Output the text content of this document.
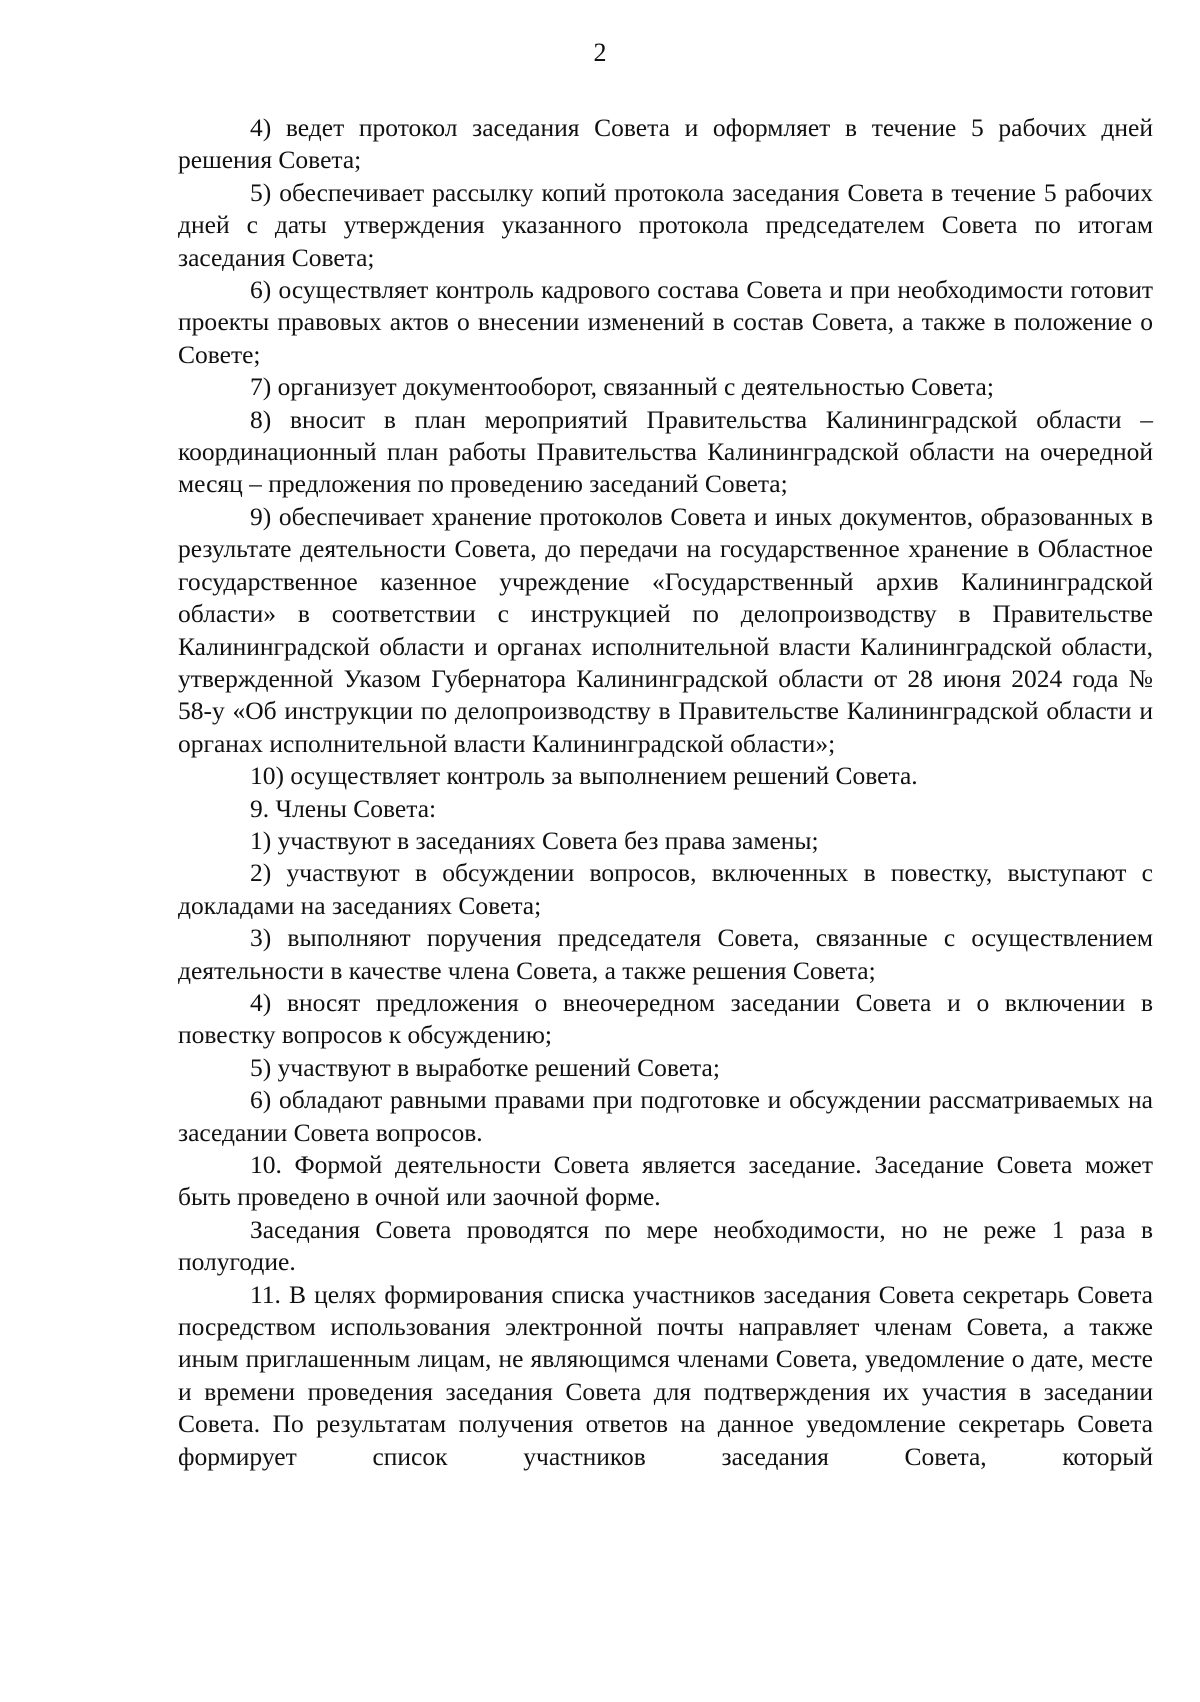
2

4) ведет протокол заседания Совета и оформляет в течение 5 рабочих дней решения Совета;

5) обеспечивает рассылку копий протокола заседания Совета в течение 5 рабочих дней с даты утверждения указанного протокола председателем Совета по итогам заседания Совета;

6) осуществляет контроль кадрового состава Совета и при необходимости готовит проекты правовых актов о внесении изменений в состав Совета, а также в положение о Совете;

7) организует документооборот, связанный с деятельностью Совета;

8) вносит в план мероприятий Правительства Калининградской области – координационный план работы Правительства Калининградской области на очередной месяц – предложения по проведению заседаний Совета;

9) обеспечивает хранение протоколов Совета и иных документов, образованных в результате деятельности Совета, до передачи на государственное хранение в Областное государственное казенное учреждение «Государственный архив Калининградской области» в соответствии с инструкцией по делопроизводству в Правительстве Калининградской области и органах исполнительной власти Калининградской области, утвержденной Указом Губернатора Калининградской области от 28 июня 2024 года № 58-у «Об инструкции по делопроизводству в Правительстве Калининградской области и органах исполнительной власти Калининградской области»;

10) осуществляет контроль за выполнением решений Совета.

9. Члены Совета:

1) участвуют в заседаниях Совета без права замены;

2) участвуют в обсуждении вопросов, включенных в повестку, выступают с докладами на заседаниях Совета;

3) выполняют поручения председателя Совета, связанные с осуществлением деятельности в качестве члена Совета, а также решения Совета;

4) вносят предложения о внеочередном заседании Совета и о включении в повестку вопросов к обсуждению;

5) участвуют в выработке решений Совета;

6) обладают равными правами при подготовке и обсуждении рассматриваемых на заседании Совета вопросов.

10. Формой деятельности Совета является заседание. Заседание Совета может быть проведено в очной или заочной форме.

Заседания Совета проводятся по мере необходимости, но не реже 1 раза в полугодие.

11. В целях формирования списка участников заседания Совета секретарь Совета посредством использования электронной почты направляет членам Совета, а также иным приглашенным лицам, не являющимся членами Совета, уведомление о дате, месте и времени проведения заседания Совета для подтверждения их участия в заседании Совета. По результатам получения ответов на данное уведомление секретарь Совета формирует список участников заседания Совета, который
